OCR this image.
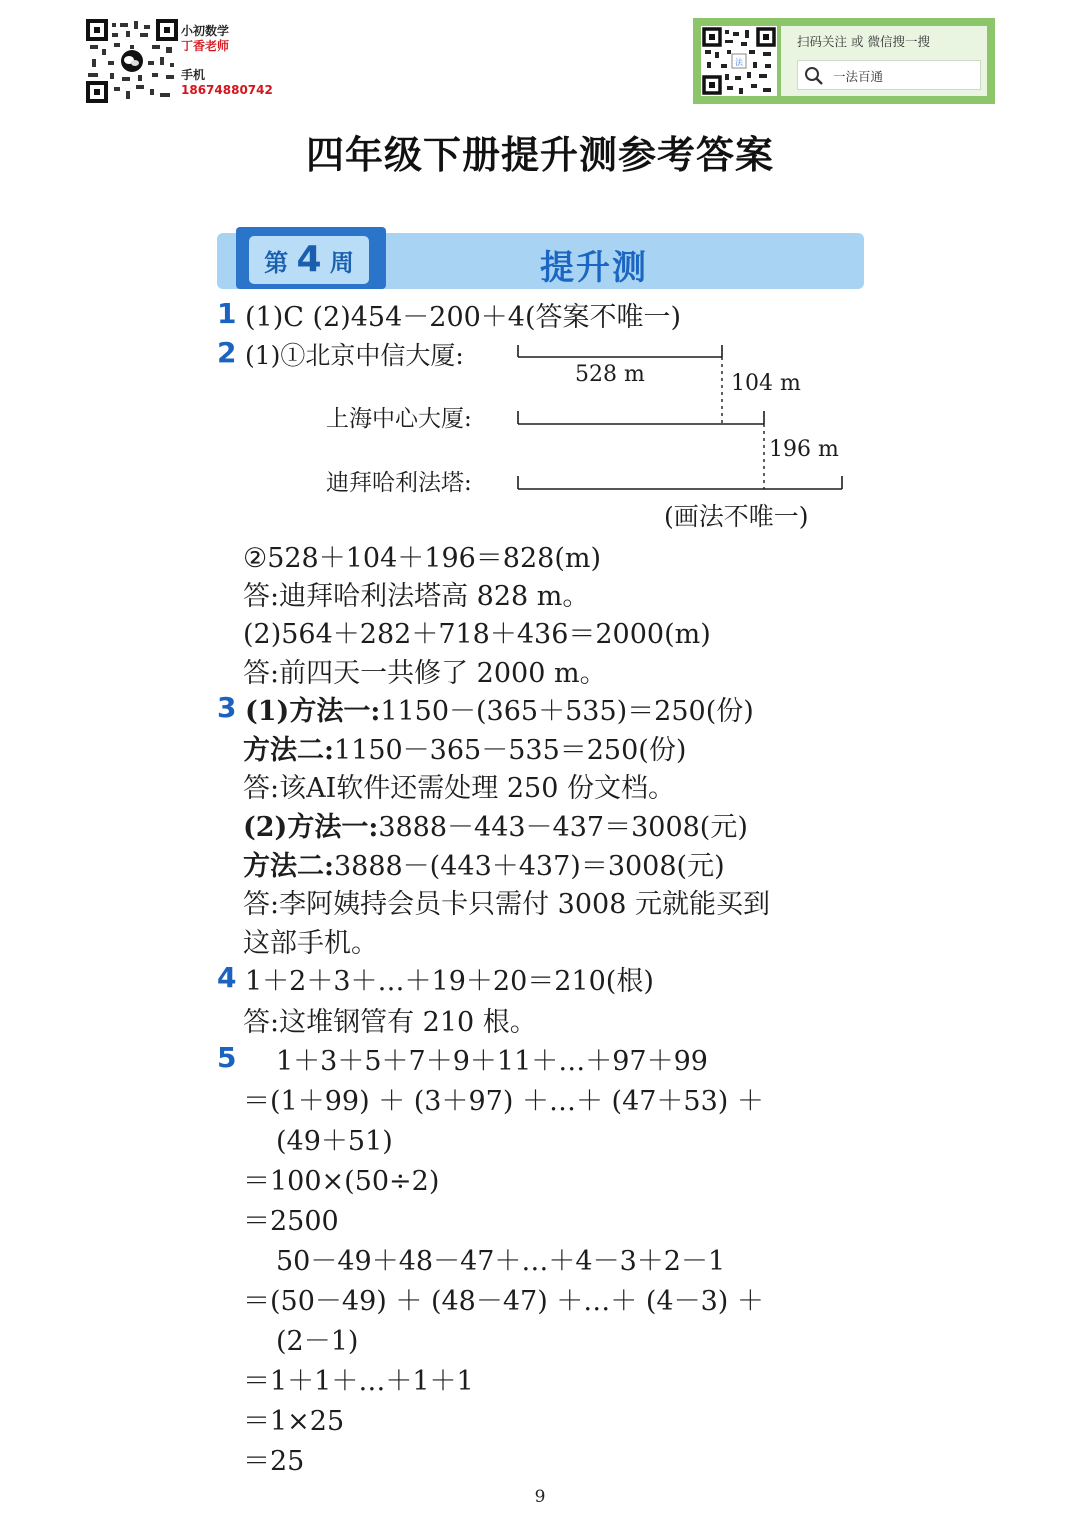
小初数学
丁香老师
手机
18674880742
法
扫码关注 或 微信搜一搜
一法百通
四年级下册提升测参考答案
第 4 周	提升测
1 (1)C (2)454－200＋4(答案不唯一)
2 (1)①北京中信大厦:
上海中心大厦:
迪拜哈利法塔:
528 m	104 m
196 m
(画法不唯一)
②528＋104＋196＝828(m)
答:迪拜哈利法塔高 828 m。
(2)564＋282＋718＋436＝2000(m)
答:前四天一共修了 2000 m。
3 (1)方法一:1150－(365＋535)＝250(份)
方法二:1150－365－535＝250(份)
答:该AI软件还需处理 250 份文档。
(2)方法一:3888－443－437＝3008(元)
方法二:3888－(443＋437)＝3008(元)
答:李阿姨持会员卡只需付 3008 元就能买到
这部手机。
4 1＋2＋3＋…＋19＋20＝210(根)
答:这堆钢管有 210 根。
5 1＋3＋5＋7＋9＋11＋…＋97＋99
＝(1＋99) ＋ (3＋97) ＋…＋ (47＋53) ＋
(49＋51)
＝100×(50÷2)
＝2500
50－49＋48－47＋…＋4－3＋2－1
＝(50－49) ＋ (48－47) ＋…＋ (4－3) ＋
(2－1)
＝1＋1＋…＋1＋1
＝1×25
＝25
9
